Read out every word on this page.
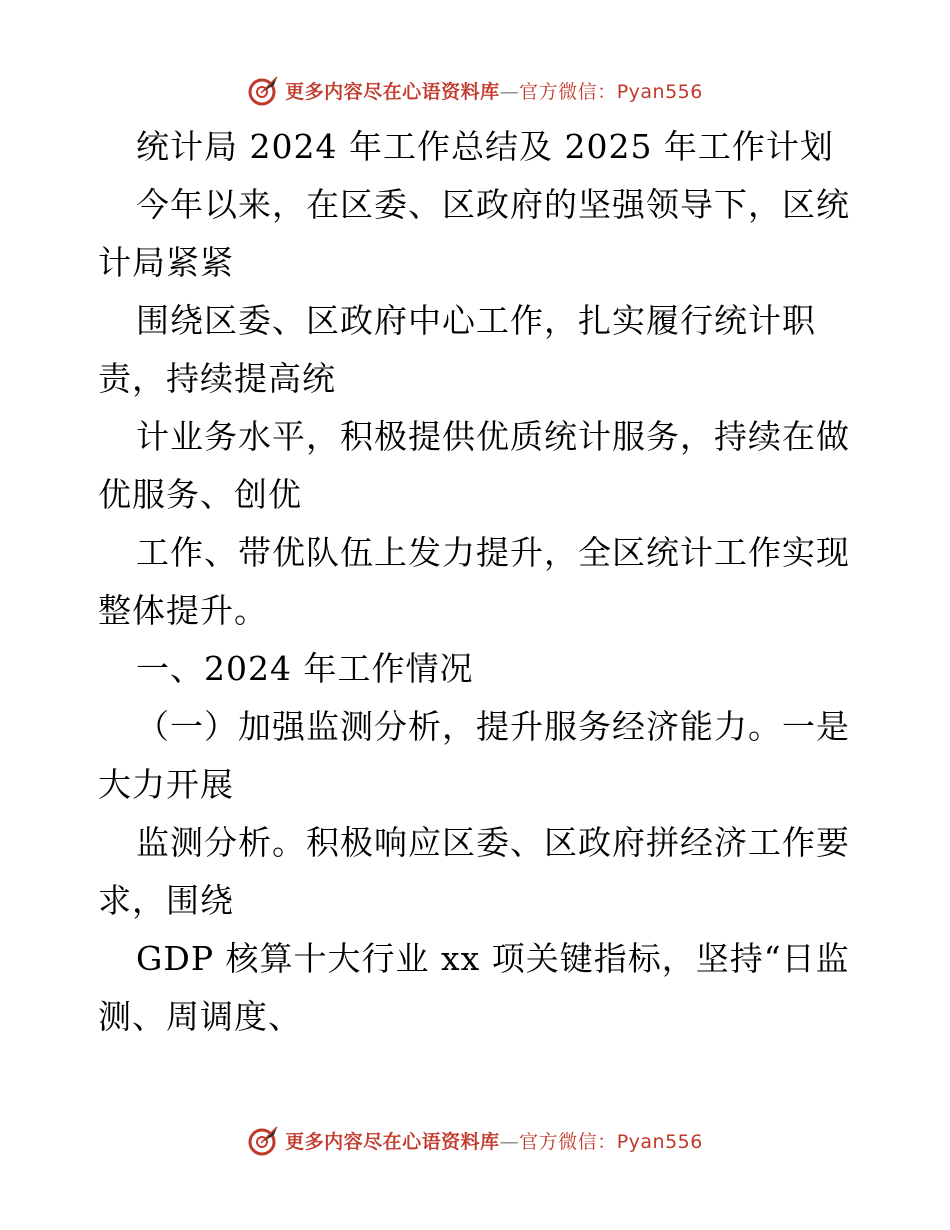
更多内容尽在心语资料库—官方微信：Pyan556

统计局 2024 年工作总结及 2025 年工作计划

今年以来，在区委、区政府的坚强领导下，区统计局紧紧

围绕区委、区政府中心工作，扎实履行统计职责，持续提高统

计业务水平，积极提供优质统计服务，持续在做优服务、创优

工作、带优队伍上发力提升，全区统计工作实现整体提升。

一、2024 年工作情况

（一）加强监测分析，提升服务经济能力。一是大力开展

监测分析。积极响应区委、区政府拼经济工作要求，围绕

GDP 核算十大行业 xx 项关键指标，坚持“日监测、周调度、

更多内容尽在心语资料库—官方微信：Pyan556
